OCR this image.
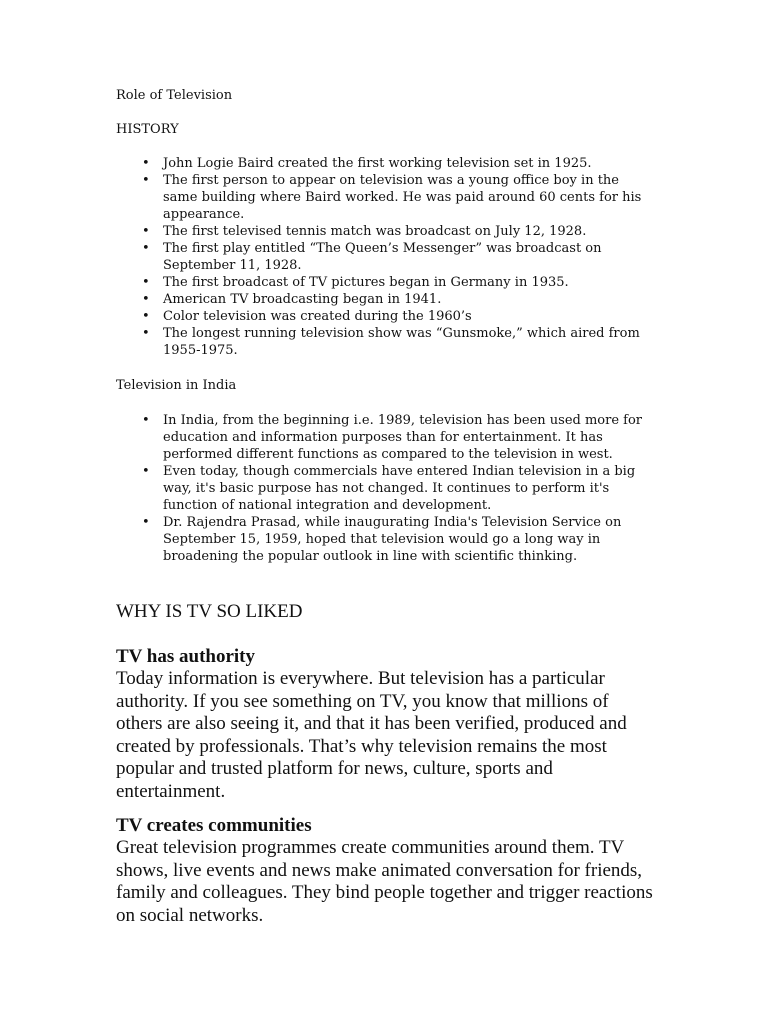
Role of Television

HISTORY

• John Logie Baird created the first working television set in 1925.
• The first person to appear on television was a young office boy in the same building where Baird worked. He was paid around 60 cents for his appearance.
• The first televised tennis match was broadcast on July 12, 1928.
• The first play entitled “The Queen’s Messenger” was broadcast on September 11, 1928.
• The first broadcast of TV pictures began in Germany in 1935.
• American TV broadcasting began in 1941.
• Color television was created during the 1960’s
• The longest running television show was “Gunsmoke,” which aired from 1955-1975.

Television in India

• In India, from the beginning i.e. 1989, television has been used more for education and information purposes than for entertainment. It has performed different functions as compared to the television in west.
• Even today, though commercials have entered Indian television in a big way, it's basic purpose has not changed. It continues to perform it's function of national integration and development.
• Dr. Rajendra Prasad, while inaugurating India's Television Service on September 15, 1959, hoped that television would go a long way in broadening the popular outlook in line with scientific thinking.

WHY IS TV SO LIKED

TV has authority

Today information is everywhere. But television has a particular authority. If you see something on TV, you know that millions of others are also seeing it, and that it has been verified, produced and created by professionals. That’s why television remains the most popular and trusted platform for news, culture, sports and entertainment.

TV creates communities

Great television programmes create communities around them. TV shows, live events and news make animated conversation for friends, family and colleagues. They bind people together and trigger reactions on social networks.
